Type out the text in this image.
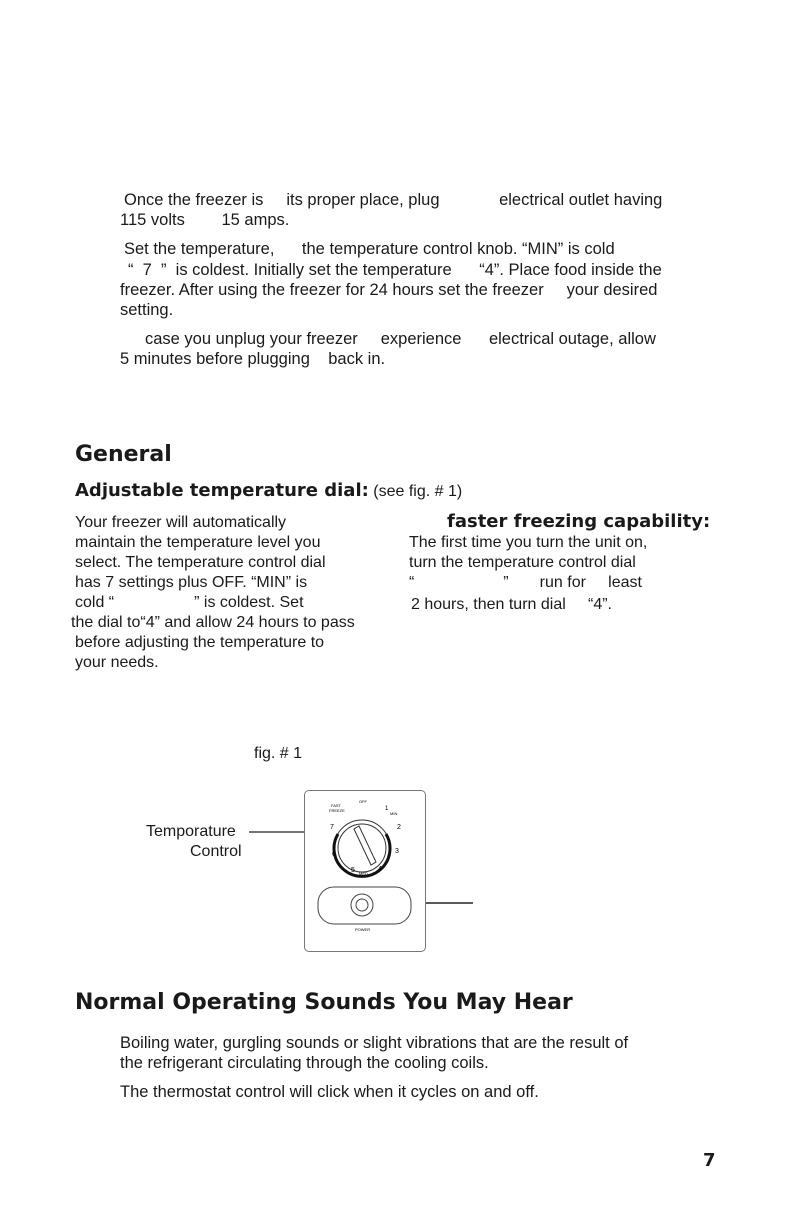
Once the freezer is     its proper place, plug             electrical outlet having
115 volts        15 amps.
Set the temperature,      the temperature control knob. “MIN” is cold
“  7  ”  is coldest. Initially set the temperature      “4”. Place food inside the
freezer. After using the freezer for 24 hours set the freezer     your desired
setting.
case you unplug your freezer     experience      electrical outage, allow
5 minutes before plugging    back in.
General
Adjustable temperature dial: (see fig. # 1)
Your freezer will automatically
maintain the temperature level you
select. The temperature control dial
has 7 settings plus OFF. “MIN” is
cold “                  ” is coldest. Set
the dial to“4” and allow 24 hours to pass
before adjusting the temperature to
your needs.
faster freezing capability:
The first time you turn the unit on,
turn the temperature control dial
“                    ”       run for     least
2 hours, then turn dial     “4”.
fig. # 1
Temporature
Control
FAST
FREEZE
OFF
1
MIN
2
3
4
MED
5
6
7
POWER
Normal Operating Sounds You May Hear
Boiling water, gurgling sounds or slight vibrations that are the result of
the refrigerant circulating through the cooling coils.
The thermostat control will click when it cycles on and off.
7
